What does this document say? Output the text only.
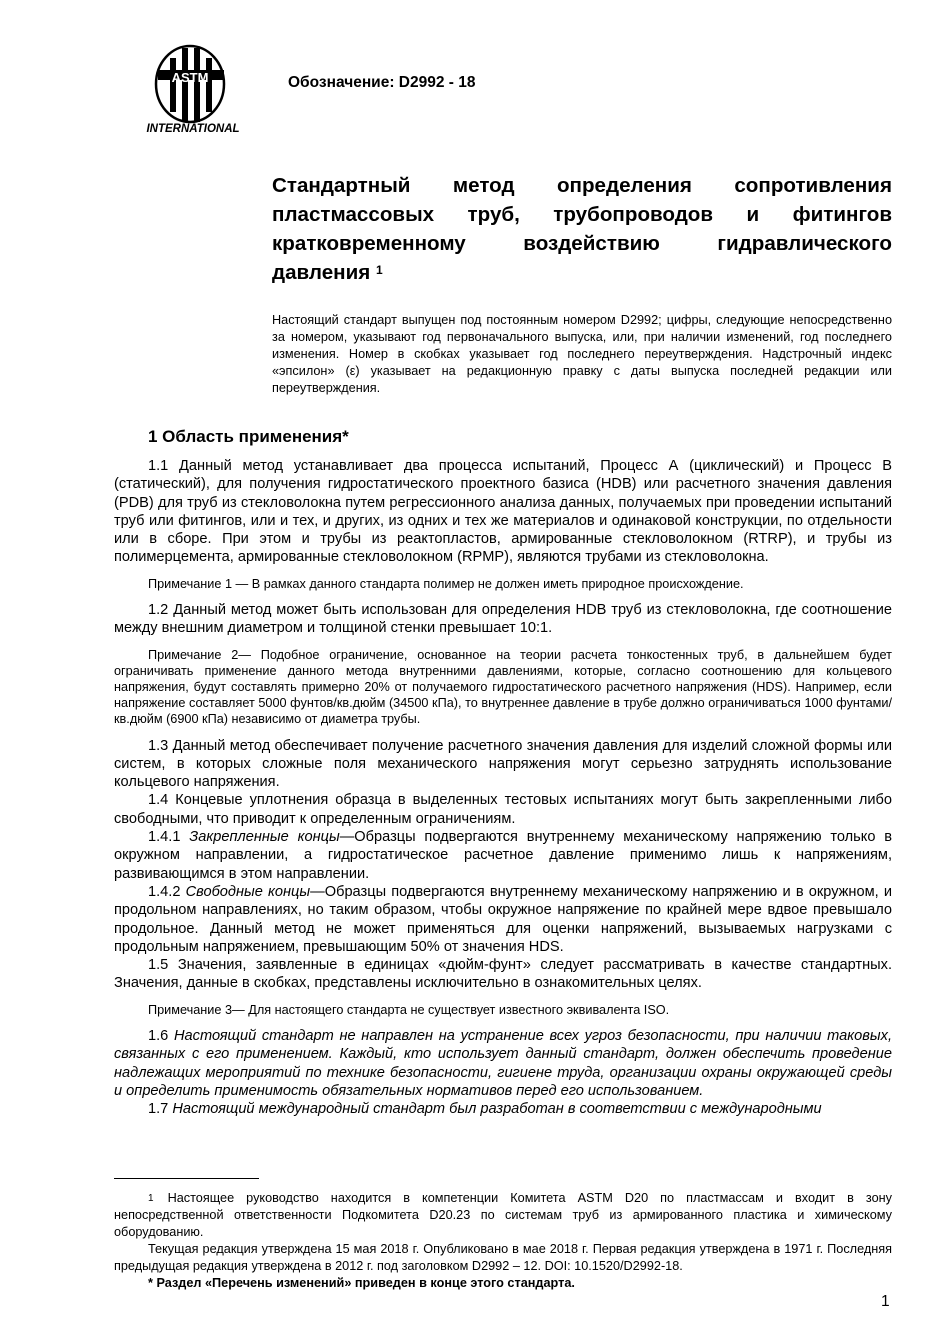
ASTM
INTERNATIONAL
Обозначение: D2992 - 18
Стандартный метод определения сопротивления пластмассовых труб, трубопроводов и фитингов кратковременному воздействию гидравлического давления $^1$
Настоящий стандарт выпущен под постоянным номером D2992; цифры, следующие непосредственно за номером, указывают год первоначального выпуска, или, при наличии изменений, год последнего изменения. Номер в скобках указывает год последнего переутверждения. Надстрочный индекс «эпсилон» (ε) указывает на редакционную правку с даты выпуска последней редакции или переутверждения.
1 Область применения*

1.1 Данный метод устанавливает два процесса испытаний, Процесс А (циклический) и Процесс В (статический), для получения гидростатического проектного базиса (HDB) или расчетного значения давления (PDB) для труб из стекловолокна путем регрессионного анализа данных, получаемых при проведении испытаний труб или фитингов, или и тех, и других, из одних и тех же материалов и одинаковой конструкции, по отдельности или в сборе. При этом и трубы из реактопластов, армированные стекловолокном (RTRP), и трубы из полимерцемента, армированные стекловолокном (RPMP), являются трубами из стекловолокна.

Примечание 1 — В рамках данного стандарта полимер не должен иметь природное происхождение.

1.2 Данный метод может быть использован для определения HDB труб из стекловолокна, где соотношение между внешним диаметром и толщиной стенки превышает 10:1.

Примечание 2— Подобное ограничение, основанное на теории расчета тонкостенных труб, в дальнейшем будет ограничивать применение данного метода внутренними давлениями, которые, согласно соотношению для кольцевого напряжения, будут составлять примерно 20% от получаемого гидростатического расчетного напряжения (HDS). Например, если напряжение составляет 5000 фунтов/кв.дюйм (34500 кПа), то внутреннее давление в трубе должно ограничиваться 1000 фунтами/кв.дюйм (6900 кПа) независимо от диаметра трубы.

1.3 Данный метод обеспечивает получение расчетного значения давления для изделий сложной формы или систем, в которых сложные поля механического напряжения могут серьезно затруднять использование кольцевого напряжения.

1.4 Концевые уплотнения образца в выделенных тестовых испытаниях могут быть закрепленными либо свободными, что приводит к определенным ограничениям.

1.4.1 Закрепленные концы—Образцы подвергаются внутреннему механическому напряжению только в окружном направлении, а гидростатическое расчетное давление применимо лишь к напряжениям, развивающимся в этом направлении.

1.4.2 Свободные концы—Образцы подвергаются внутреннему механическому напряжению и в окружном, и продольном направлениях, но таким образом, чтобы окружное напряжение по крайней мере вдвое превышало продольное. Данный метод не может применяться для оценки напряжений, вызываемых нагрузками с продольным напряжением, превышающим 50% от значения HDS.

1.5 Значения, заявленные в единицах «дюйм-фунт» следует рассматривать в качестве стандартных. Значения, данные в скобках, представлены исключительно в ознакомительных целях.

Примечание 3— Для настоящего стандарта не существует известного эквивалента ISO.

1.6 Настоящий стандарт не направлен на устранение всех угроз безопасности, при наличии таковых, связанных с его применением. Каждый, кто использует данный стандарт, должен обеспечить проведение надлежащих мероприятий по технике безопасности, гигиене труда, организации охраны окружающей среды и определить применимость обязательных нормативов перед его использованием.

1.7 Настоящий международный стандарт был разработан в соответствии с международными

$^1$ Настоящее руководство находится в компетенции Комитета ASTM D20 по пластмассам и входит в зону непосредственной ответственности Подкомитета D20.23 по системам труб из армированного пластика и химическому оборудованию.

Текущая редакция утверждена 15 мая 2018 г. Опубликовано в мае 2018 г. Первая редакция утверждена в 1971 г. Последняя предыдущая редакция утверждена в 2012 г. под заголовком D2992 – 12. DOI: 10.1520/D2992-18.

* Раздел «Перечень изменений» приведен в конце этого стандарта.

1
